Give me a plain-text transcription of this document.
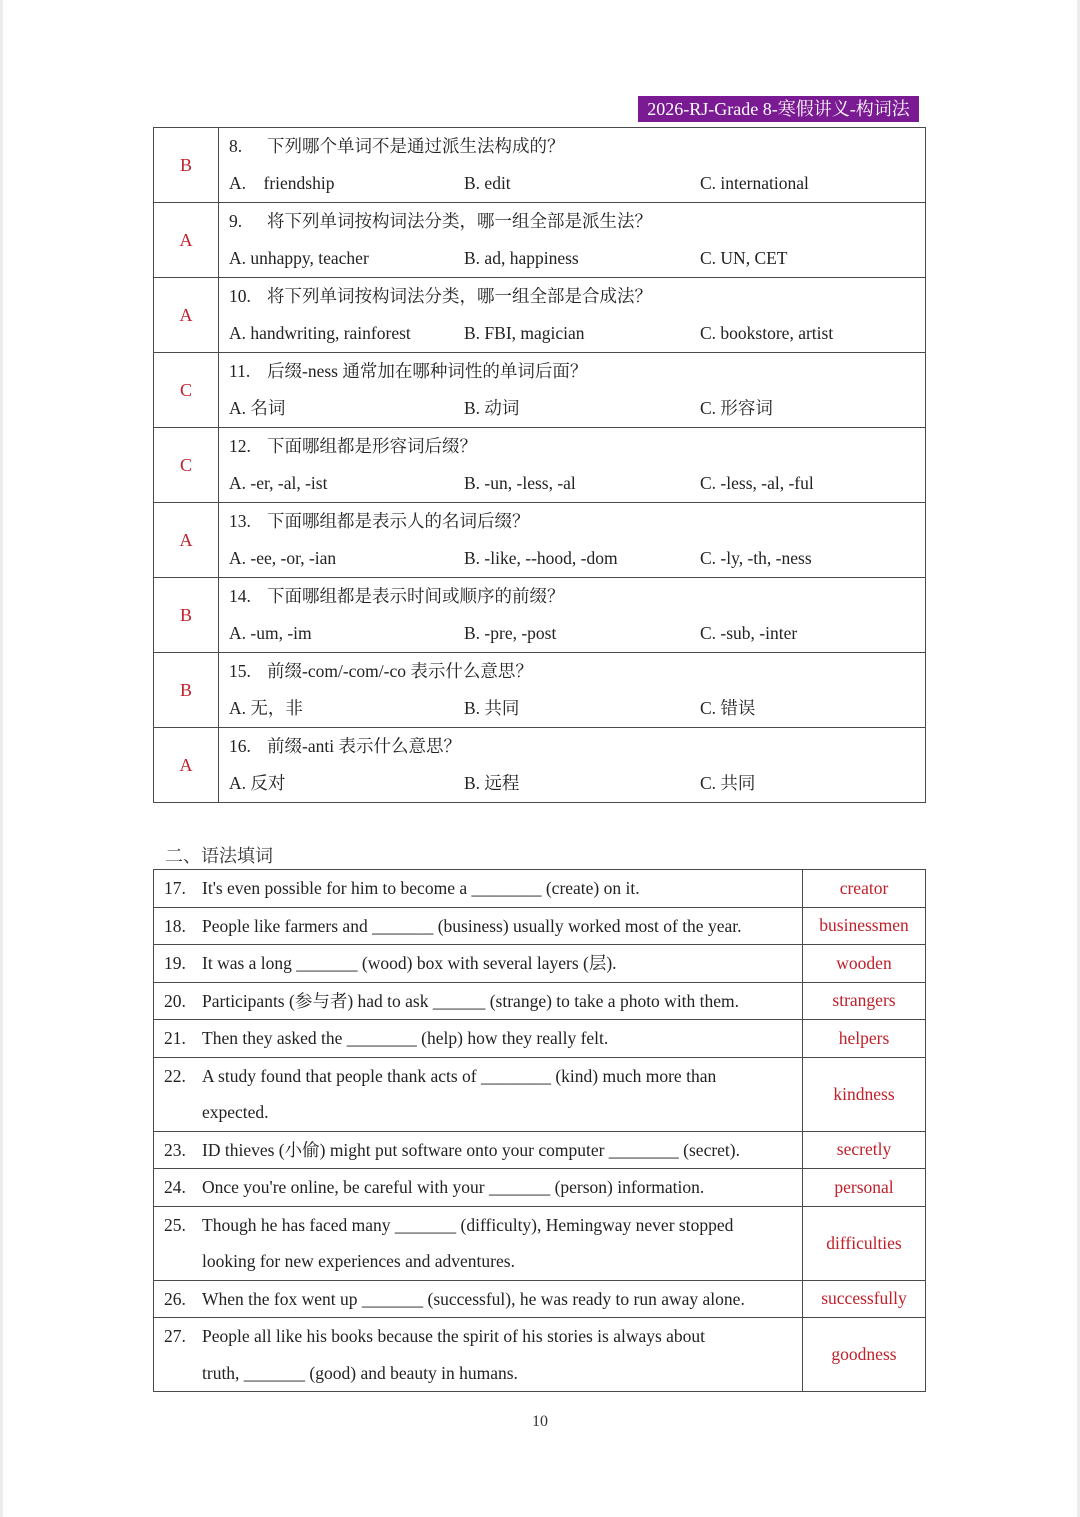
2026-RJ-Grade 8-寒假讲义-构词法
B	8. 下列哪个单词不是通过派生法构成的？
A.　friendship B. edit C. international

A	9. 将下列单词按构词法分类，哪一组全部是派生法？
A. unhappy, teacher B. ad, happiness C. UN, CET

A	10. 将下列单词按构词法分类，哪一组全部是合成法？
A. handwriting, rainforest B. FBI, magician C. bookstore, artist

C	11. 后缀-ness 通常加在哪种词性的单词后面？
A. 名词 B. 动词 C. 形容词

C	12. 下面哪组都是形容词后缀？
A. -er, -al, -ist B. -un, -less, -al C. -less, -al, -ful

A	13. 下面哪组都是表示人的名词后缀？
A. -ee, -or, -ian B. -like, --hood, -dom C. -ly, -th, -ness

B	14. 下面哪组都是表示时间或顺序的前缀？
A. -um, -im B. -pre, -post C. -sub, -inter

B	15. 前缀-com/-com/-co 表示什么意思？
A. 无，非 B. 共同 C. 错误

A	16. 前缀-anti 表示什么意思？
A. 反对 B. 远程 C. 共同
二、语法填词
17. It's even possible for him to become a ________ (create) on it.	creator

18. People like farmers and _______ (business) usually worked most of the year.	businessmen

19. It was a long _______ (wood) box with several layers (层).	wooden

20. Participants (参与者) had to ask ______ (strange) to take a photo with them.	strangers

21. Then they asked the ________ (help) how they really felt.	helpers

22. A study found that people thank acts of ________ (kind) much more than
expected.	kindness

23. ID thieves (小偷) might put software onto your computer ________ (secret).	secretly

24. Once you're online, be careful with your _______ (person) information.	personal

25. Though he has faced many _______ (difficulty), Hemingway never stopped
looking for new experiences and adventures.	difficulties

26. When the fox went up _______ (successful), he was ready to run away alone.	successfully

27. People all like his books because the spirit of his stories is always about
truth, _______ (good) and beauty in humans.	goodness
10
